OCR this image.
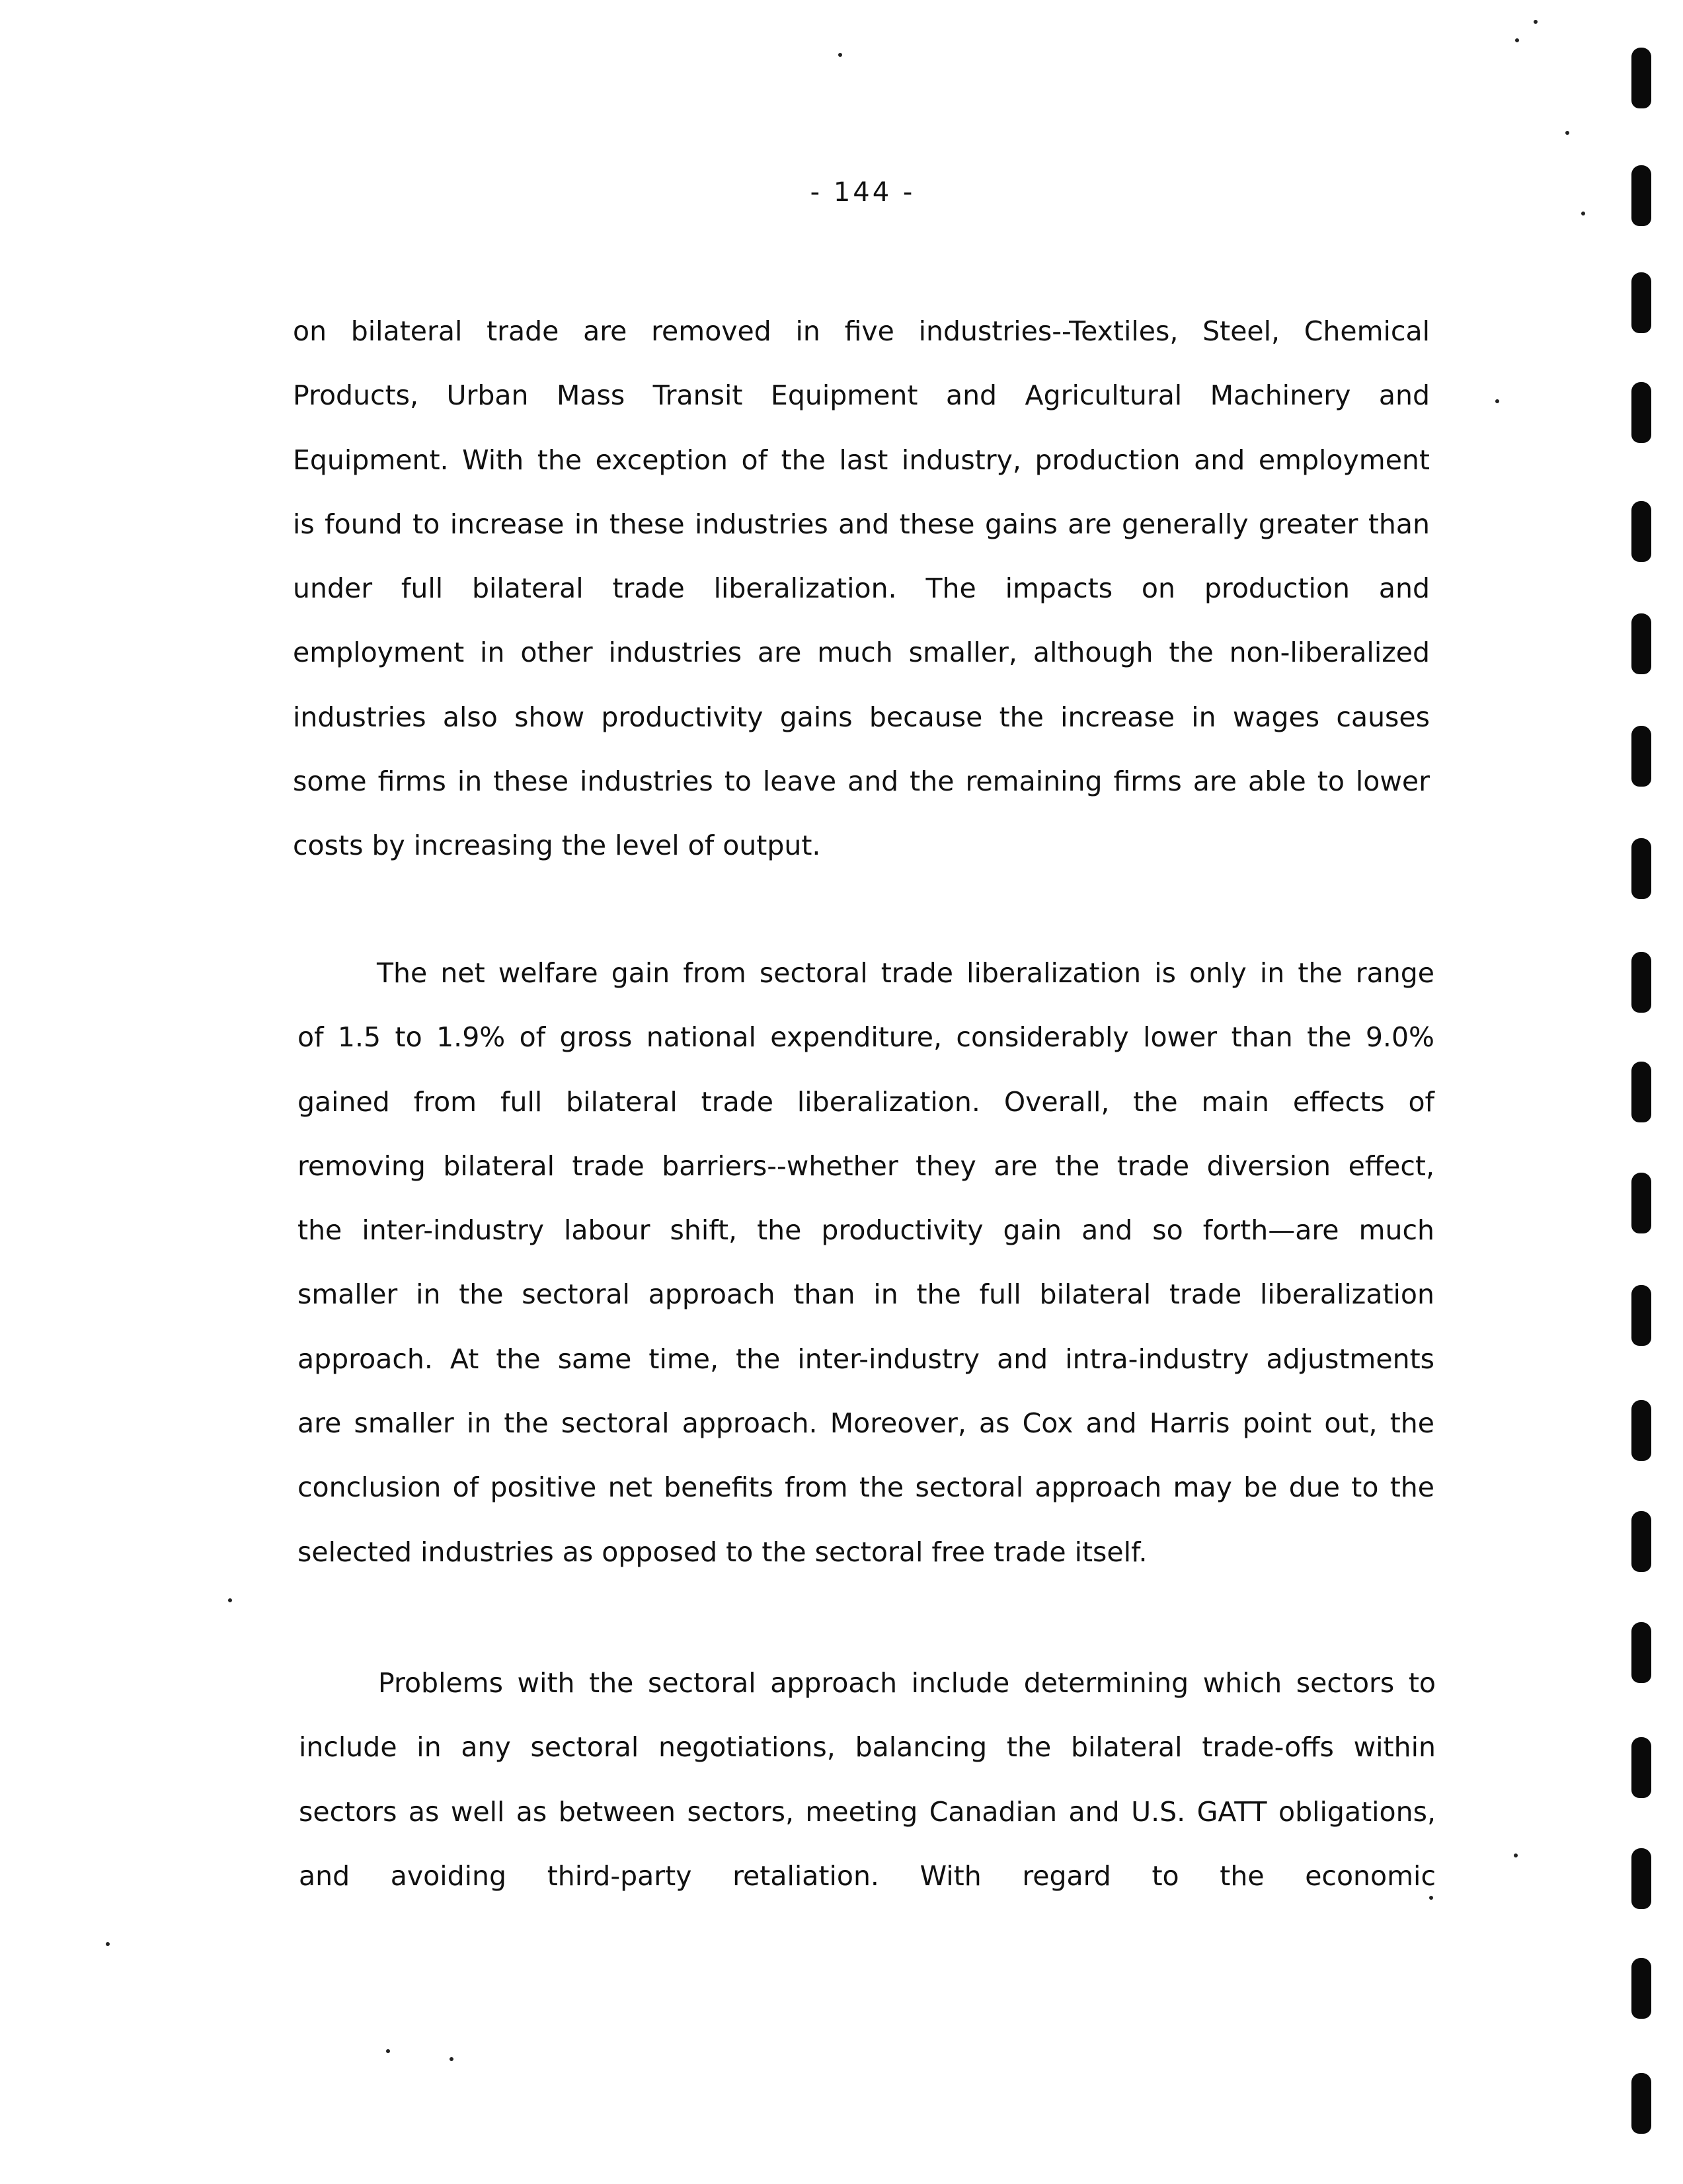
- 144 -

on bilateral trade are removed in five industries--Textiles, Steel, Chemical
Products, Urban Mass Transit Equipment and Agricultural Machinery and
Equipment. With the exception of the last industry, production and employment
is found to increase in these industries and these gains are generally greater than
under full bilateral trade liberalization. The impacts on production and
employment in other industries are much smaller, although the non-liberalized
industries also show productivity gains because the increase in wages causes
some firms in these industries to leave and the remaining firms are able to lower
costs by increasing the level of output.

The net welfare gain from sectoral trade liberalization is only in the range
of 1.5 to 1.9% of gross national expenditure, considerably lower than the 9.0%
gained from full bilateral trade liberalization. Overall, the main effects of
removing bilateral trade barriers--whether they are the trade diversion effect,
the inter-industry labour shift, the productivity gain and so forth—are much
smaller in the sectoral approach than in the full bilateral trade liberalization
approach. At the same time, the inter-industry and intra-industry adjustments
are smaller in the sectoral approach. Moreover, as Cox and Harris point out, the
conclusion of positive net benefits from the sectoral approach may be due to the
selected industries as opposed to the sectoral free trade itself.

Problems with the sectoral approach include determining which sectors to
include in any sectoral negotiations, balancing the bilateral trade-offs within
sectors as well as between sectors, meeting Canadian and U.S. GATT obligations,
and avoiding third-party retaliation. With regard to the economic
